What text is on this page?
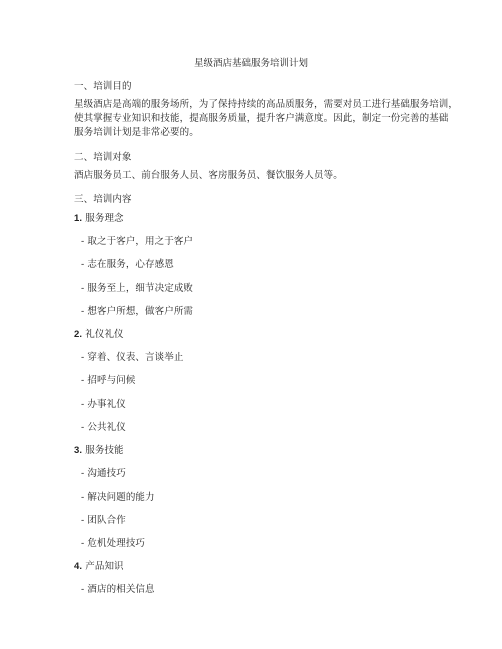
星级酒店基础服务培训计划
一、培训目的
星级酒店是高端的服务场所，为了保持持续的高品质服务，需要对员工进行基础服务培训，
使其掌握专业知识和技能，提高服务质量，提升客户满意度。因此，制定一份完善的基础
服务培训计划是非常必要的。
二、培训对象
酒店服务员工、前台服务人员、客房服务员、餐饮服务人员等。
三、培训内容
1. 服务理念
- 取之于客户，用之于客户
- 志在服务，心存感恩
- 服务至上，细节决定成败
- 想客户所想，做客户所需
2. 礼仪礼仪
- 穿着、仪表、言谈举止
- 招呼与问候
- 办事礼仪
- 公共礼仪
3. 服务技能
- 沟通技巧
- 解决问题的能力
- 团队合作
- 危机处理技巧
4. 产品知识
- 酒店的相关信息
